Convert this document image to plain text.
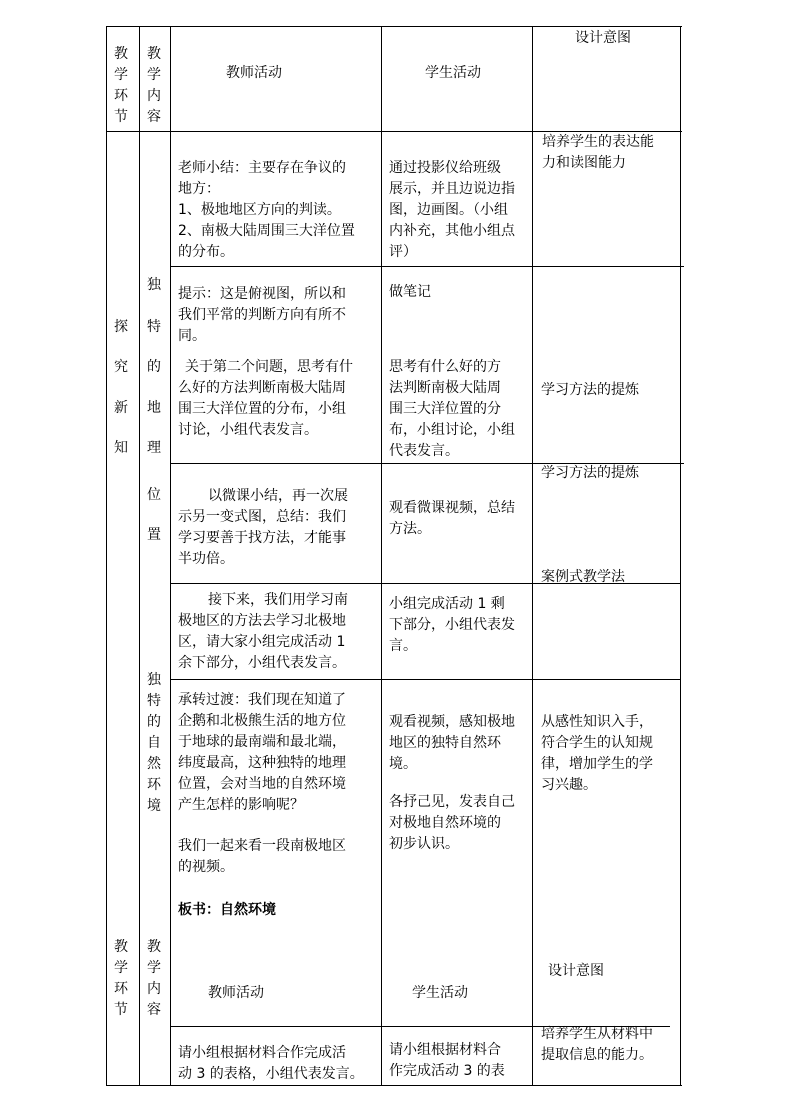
教
学
环
节
教
学
内
容
教师活动	学生活动
设计意图
探
究
新
知
独
特
的
地
理
位
置
独
特
的
自
然
环
境
老师小结：主要存在争议的
地方：
1、极地地区方向的判读。
2、南极大陆周围三大洋位置
的分布。
通过投影仪给班级
展示，并且边说边指
图，边画图。（小组
内补充，其他小组点
评）
培养学生的表达能
力和读图能力
提示：这是俯视图，所以和
我们平常的判断方向有所不
同。
关于第二个问题，思考有什
么好的方法判断南极大陆周
围三大洋位置的分布，小组
讨论，小组代表发言。
做笔记
思考有什么好的方
法判断南极大陆周
围三大洋位置的分
布，小组讨论，小组
代表发言。
学习方法的提炼
以微课小结，再一次展
示另一变式图，总结：我们
学习要善于找方法，才能事
半功倍。
观看微课视频，总结
方法。
学习方法的提炼
案例式教学法
接下来，我们用学习南
极地区的方法去学习北极地
区，请大家小组完成活动 1
余下部分，小组代表发言。
小组完成活动 1 剩
下部分，小组代表发
言。
承转过渡：我们现在知道了
企鹅和北极熊生活的地方位
于地球的最南端和最北端，
纬度最高，这种独特的地理
位置，会对当地的自然环境
产生怎样的影响呢？
我们一起来看一段南极地区
的视频。
板书：自然环境
观看视频，感知极地
地区的独特自然环
境。
各抒己见，发表自己
对极地自然环境的
初步认识。
从感性知识入手，
符合学生的认知规
律，增加学生的学
习兴趣。
教
学
环
节
教
学
内
容
教师活动	学生活动
设计意图
请小组根据材料合作完成活
动 3 的表格，小组代表发言。
请小组根据材料合
作完成活动 3 的表
培养学生从材料中
提取信息的能力。
